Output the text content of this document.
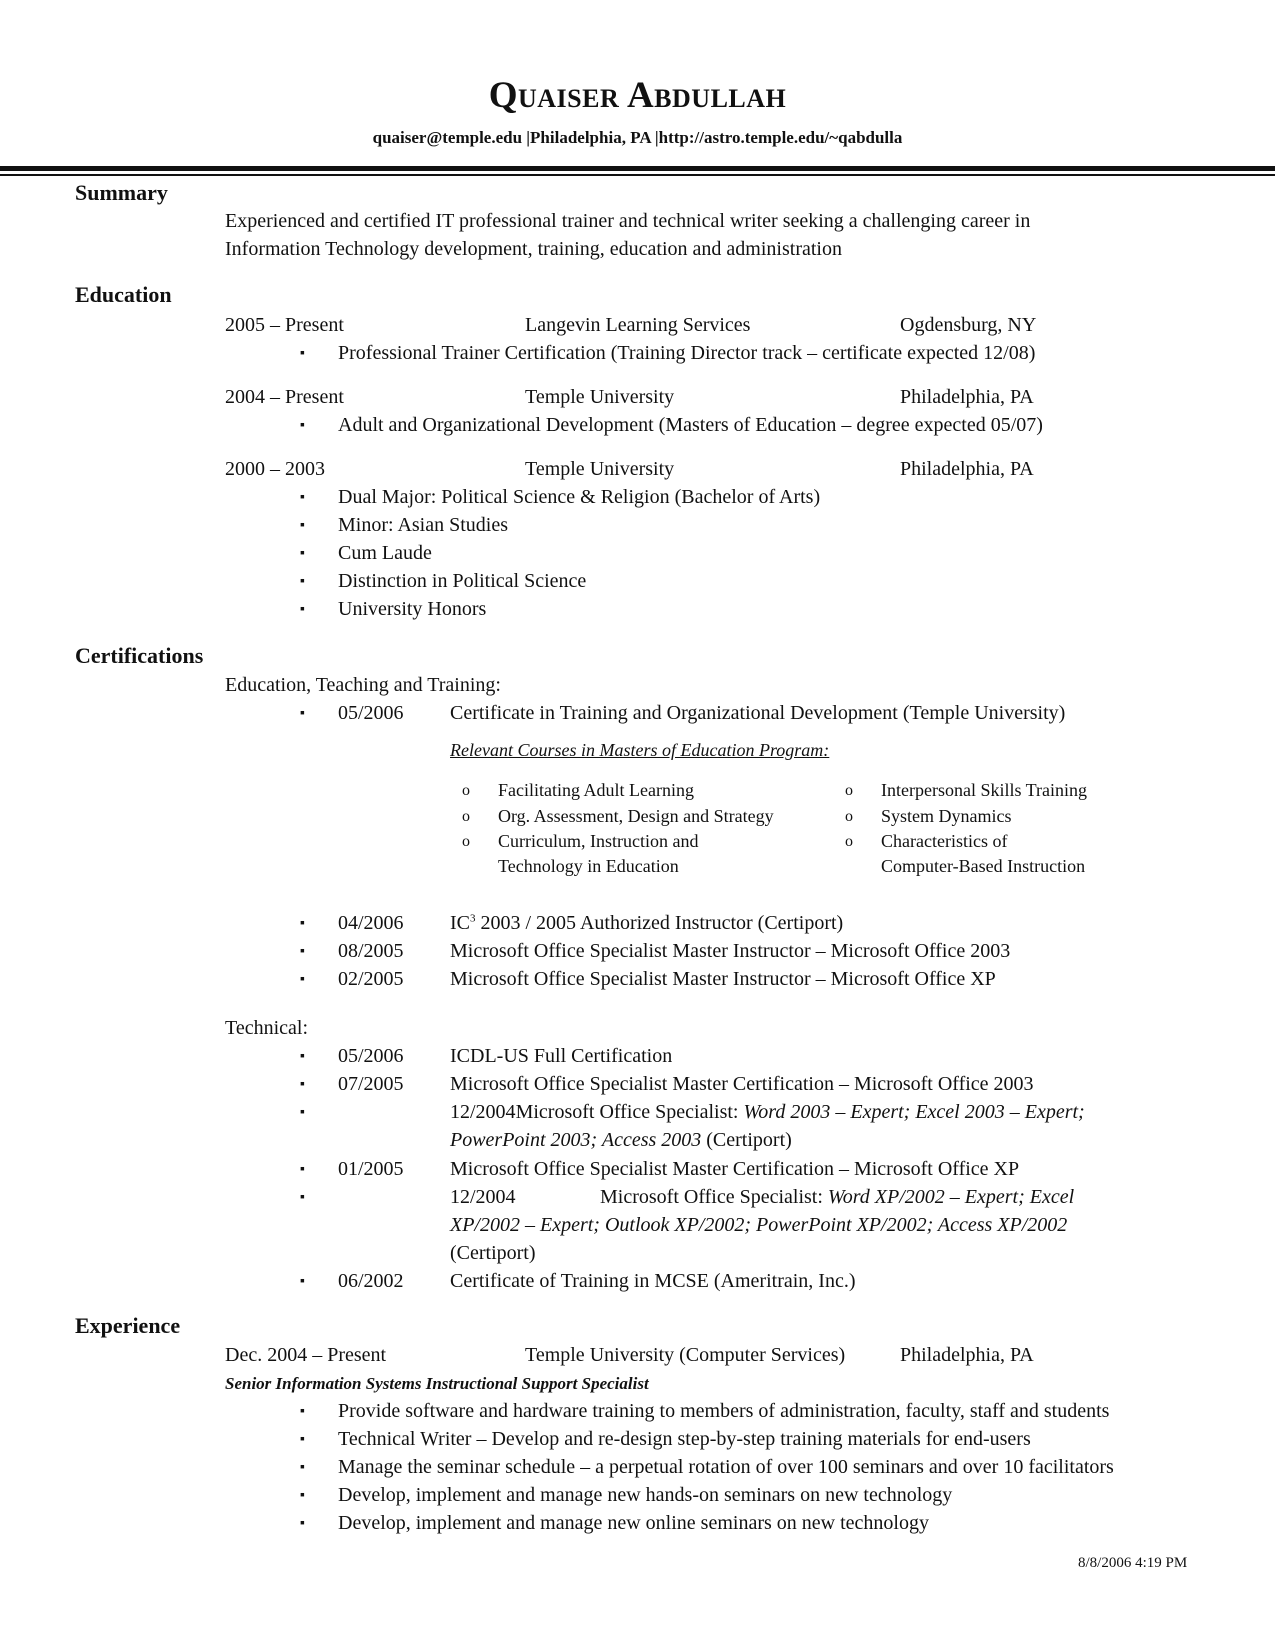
Quaiser Abdullah
quaiser@temple.edu |Philadelphia, PA |http://astro.temple.edu/~qabdulla
Summary
Experienced and certified IT professional trainer and technical writer seeking a challenging career in
Information Technology development, training, education and administration
Education
2005 – Present	Langevin Learning Services	Ogdensburg, NY
▪ Professional Trainer Certification (Training Director track – certificate expected 12/08)
2004 – Present	Temple University	Philadelphia, PA
▪ Adult and Organizational Development (Masters of Education – degree expected 05/07)
2000 – 2003	Temple University	Philadelphia, PA
▪ Dual Major: Political Science & Religion (Bachelor of Arts)
▪ Minor: Asian Studies
▪ Cum Laude
▪ Distinction in Political Science
▪ University Honors
Certifications
Education, Teaching and Training:
▪ 05/2006 Certificate in Training and Organizational Development (Temple University)
Relevant Courses in Masters of Education Program:
o Facilitating Adult Learning
o Org. Assessment, Design and Strategy
o Curriculum, Instruction and
Technology in Education
o Interpersonal Skills Training
o System Dynamics
o Characteristics of
Computer-Based Instruction
▪ 04/2006 $IC^3$ 2003 / 2005 Authorized Instructor (Certiport)
▪ 08/2005 Microsoft Office Specialist Master Instructor – Microsoft Office 2003
▪ 02/2005 Microsoft Office Specialist Master Instructor – Microsoft Office XP
Technical:
▪ 05/2006 ICDL-US Full Certification
▪ 07/2005 Microsoft Office Specialist Master Certification – Microsoft Office 2003
▪	12/2004Microsoft Office Specialist: Word 2003 – Expert; Excel 2003 – Expert;
PowerPoint 2003; Access 2003 (Certiport)
▪ 01/2005 Microsoft Office Specialist Master Certification – Microsoft Office XP
▪	12/2004	Microsoft Office Specialist: Word XP/2002 – Expert; Excel
XP/2002 – Expert; Outlook XP/2002; PowerPoint XP/2002; Access XP/2002
(Certiport)
▪ 06/2002 Certificate of Training in MCSE (Ameritrain, Inc.)
Experience
Dec. 2004 – Present	Temple University (Computer Services)	Philadelphia, PA
Senior Information Systems Instructional Support Specialist
▪ Provide software and hardware training to members of administration, faculty, staff and students
▪ Technical Writer – Develop and re-design step-by-step training materials for end-users
▪ Manage the seminar schedule – a perpetual rotation of over 100 seminars and over 10 facilitators
▪ Develop, implement and manage new hands-on seminars on new technology
▪ Develop, implement and manage new online seminars on new technology
8/8/2006 4:19 PM
